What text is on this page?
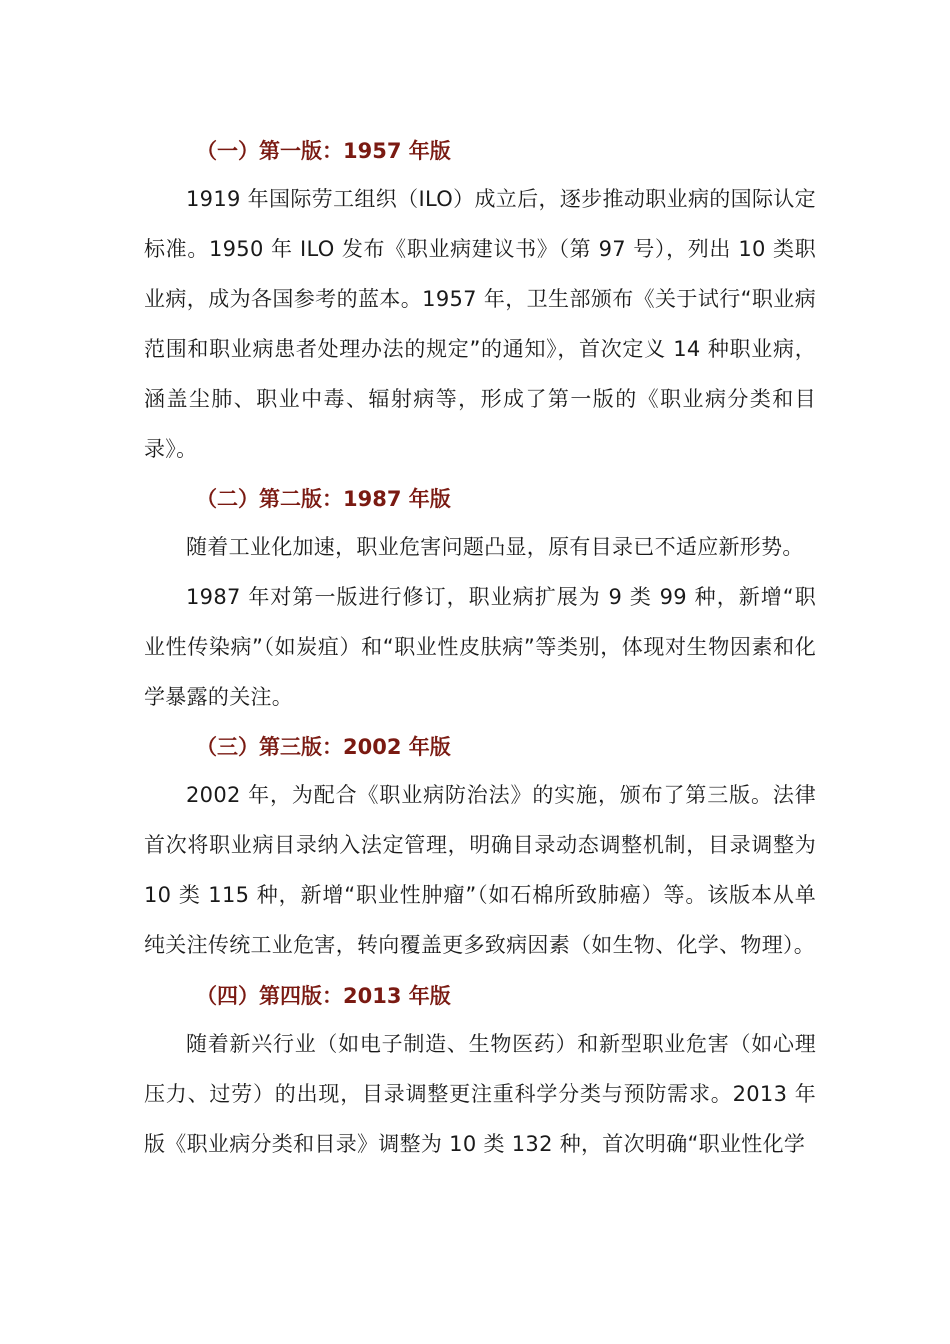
（一）第一版：1957 年版
1919 年国际劳工组织（ILO）成立后，逐步推动职业病的国际认定标准。1950 年 ILO 发布《职业病建议书》（第 97 号），列出 10 类职业病，成为各国参考的蓝本。1957 年，卫生部颁布《关于试行“职业病范围和职业病患者处理办法的规定”的通知》，首次定义 14 种职业病，涵盖尘肺、职业中毒、辐射病等，形成了第一版的《职业病分类和目录》。
（二）第二版：1987 年版
随着工业化加速，职业危害问题凸显，原有目录已不适应新形势。
1987 年对第一版进行修订，职业病扩展为 9 类 99 种，新增“职业性传染病”（如炭疽）和“职业性皮肤病”等类别，体现对生物因素和化学暴露的关注。
（三）第三版：2002 年版
2002 年，为配合《职业病防治法》的实施，颁布了第三版。法律首次将职业病目录纳入法定管理，明确目录动态调整机制，目录调整为 10 类 115 种，新增“职业性肿瘤”（如石棉所致肺癌）等。该版本从单纯关注传统工业危害，转向覆盖更多致病因素（如生物、化学、物理）。
（四）第四版：2013 年版
随着新兴行业（如电子制造、生物医药）和新型职业危害（如心理压力、过劳）的出现，目录调整更注重科学分类与预防需求。2013 年版《职业病分类和目录》调整为 10 类 132 种，首次明确“职业性化学
